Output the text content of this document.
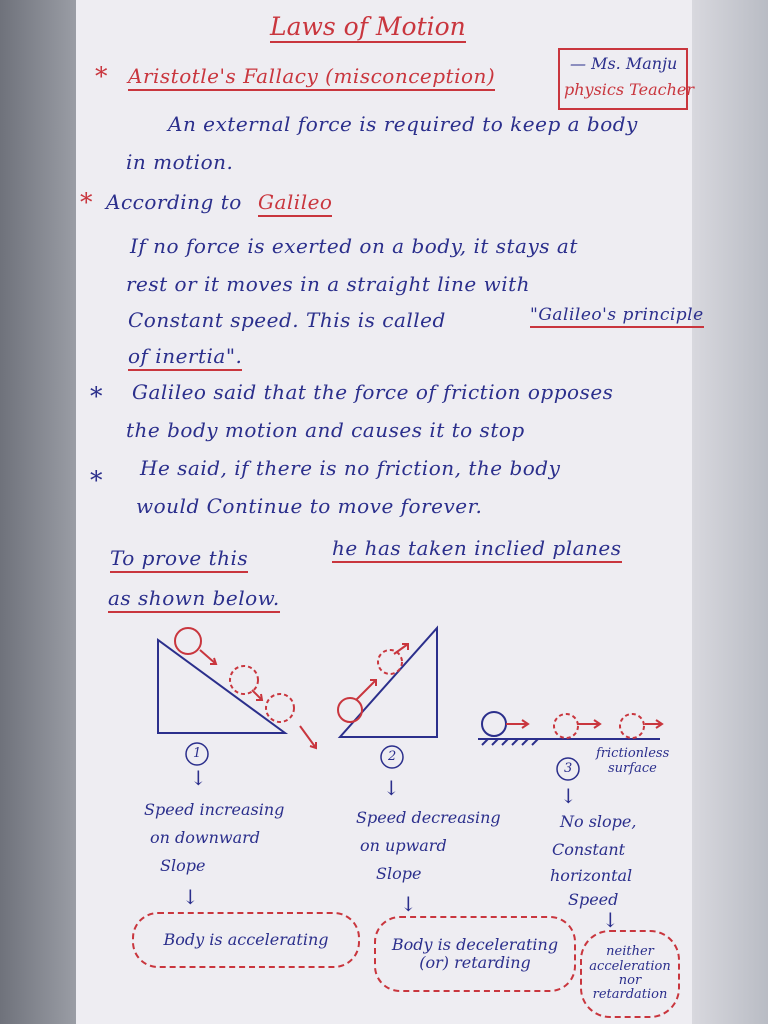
Laws of Motion
— Ms. Manju
physics Teacher
* Aristotle's Fallacy (misconception)
An external force is required to keep a body
in motion.
* According to Galileo
If no force is exerted on a body, it stays at
rest or it moves in a straight line with
Constant speed. This is called	"Galileo's principle
of inertia".
* Galileo said that the force of friction opposes
the body motion and causes it to stop
* He said, if there is no friction, the body
would Continue to move forever.
To prove this	he has taken inclied planes
as shown below.
1
↓
Speed increasing
on downward
Slope
↓
Body is accelerating
2
↓
Speed decreasing
on upward
Slope
↓
Body is decelerating
(or) retarding
frictionless
surface
3
↓
No slope,
Constant
horizontal
Speed
↓
neither
acceleration
nor
retardation
